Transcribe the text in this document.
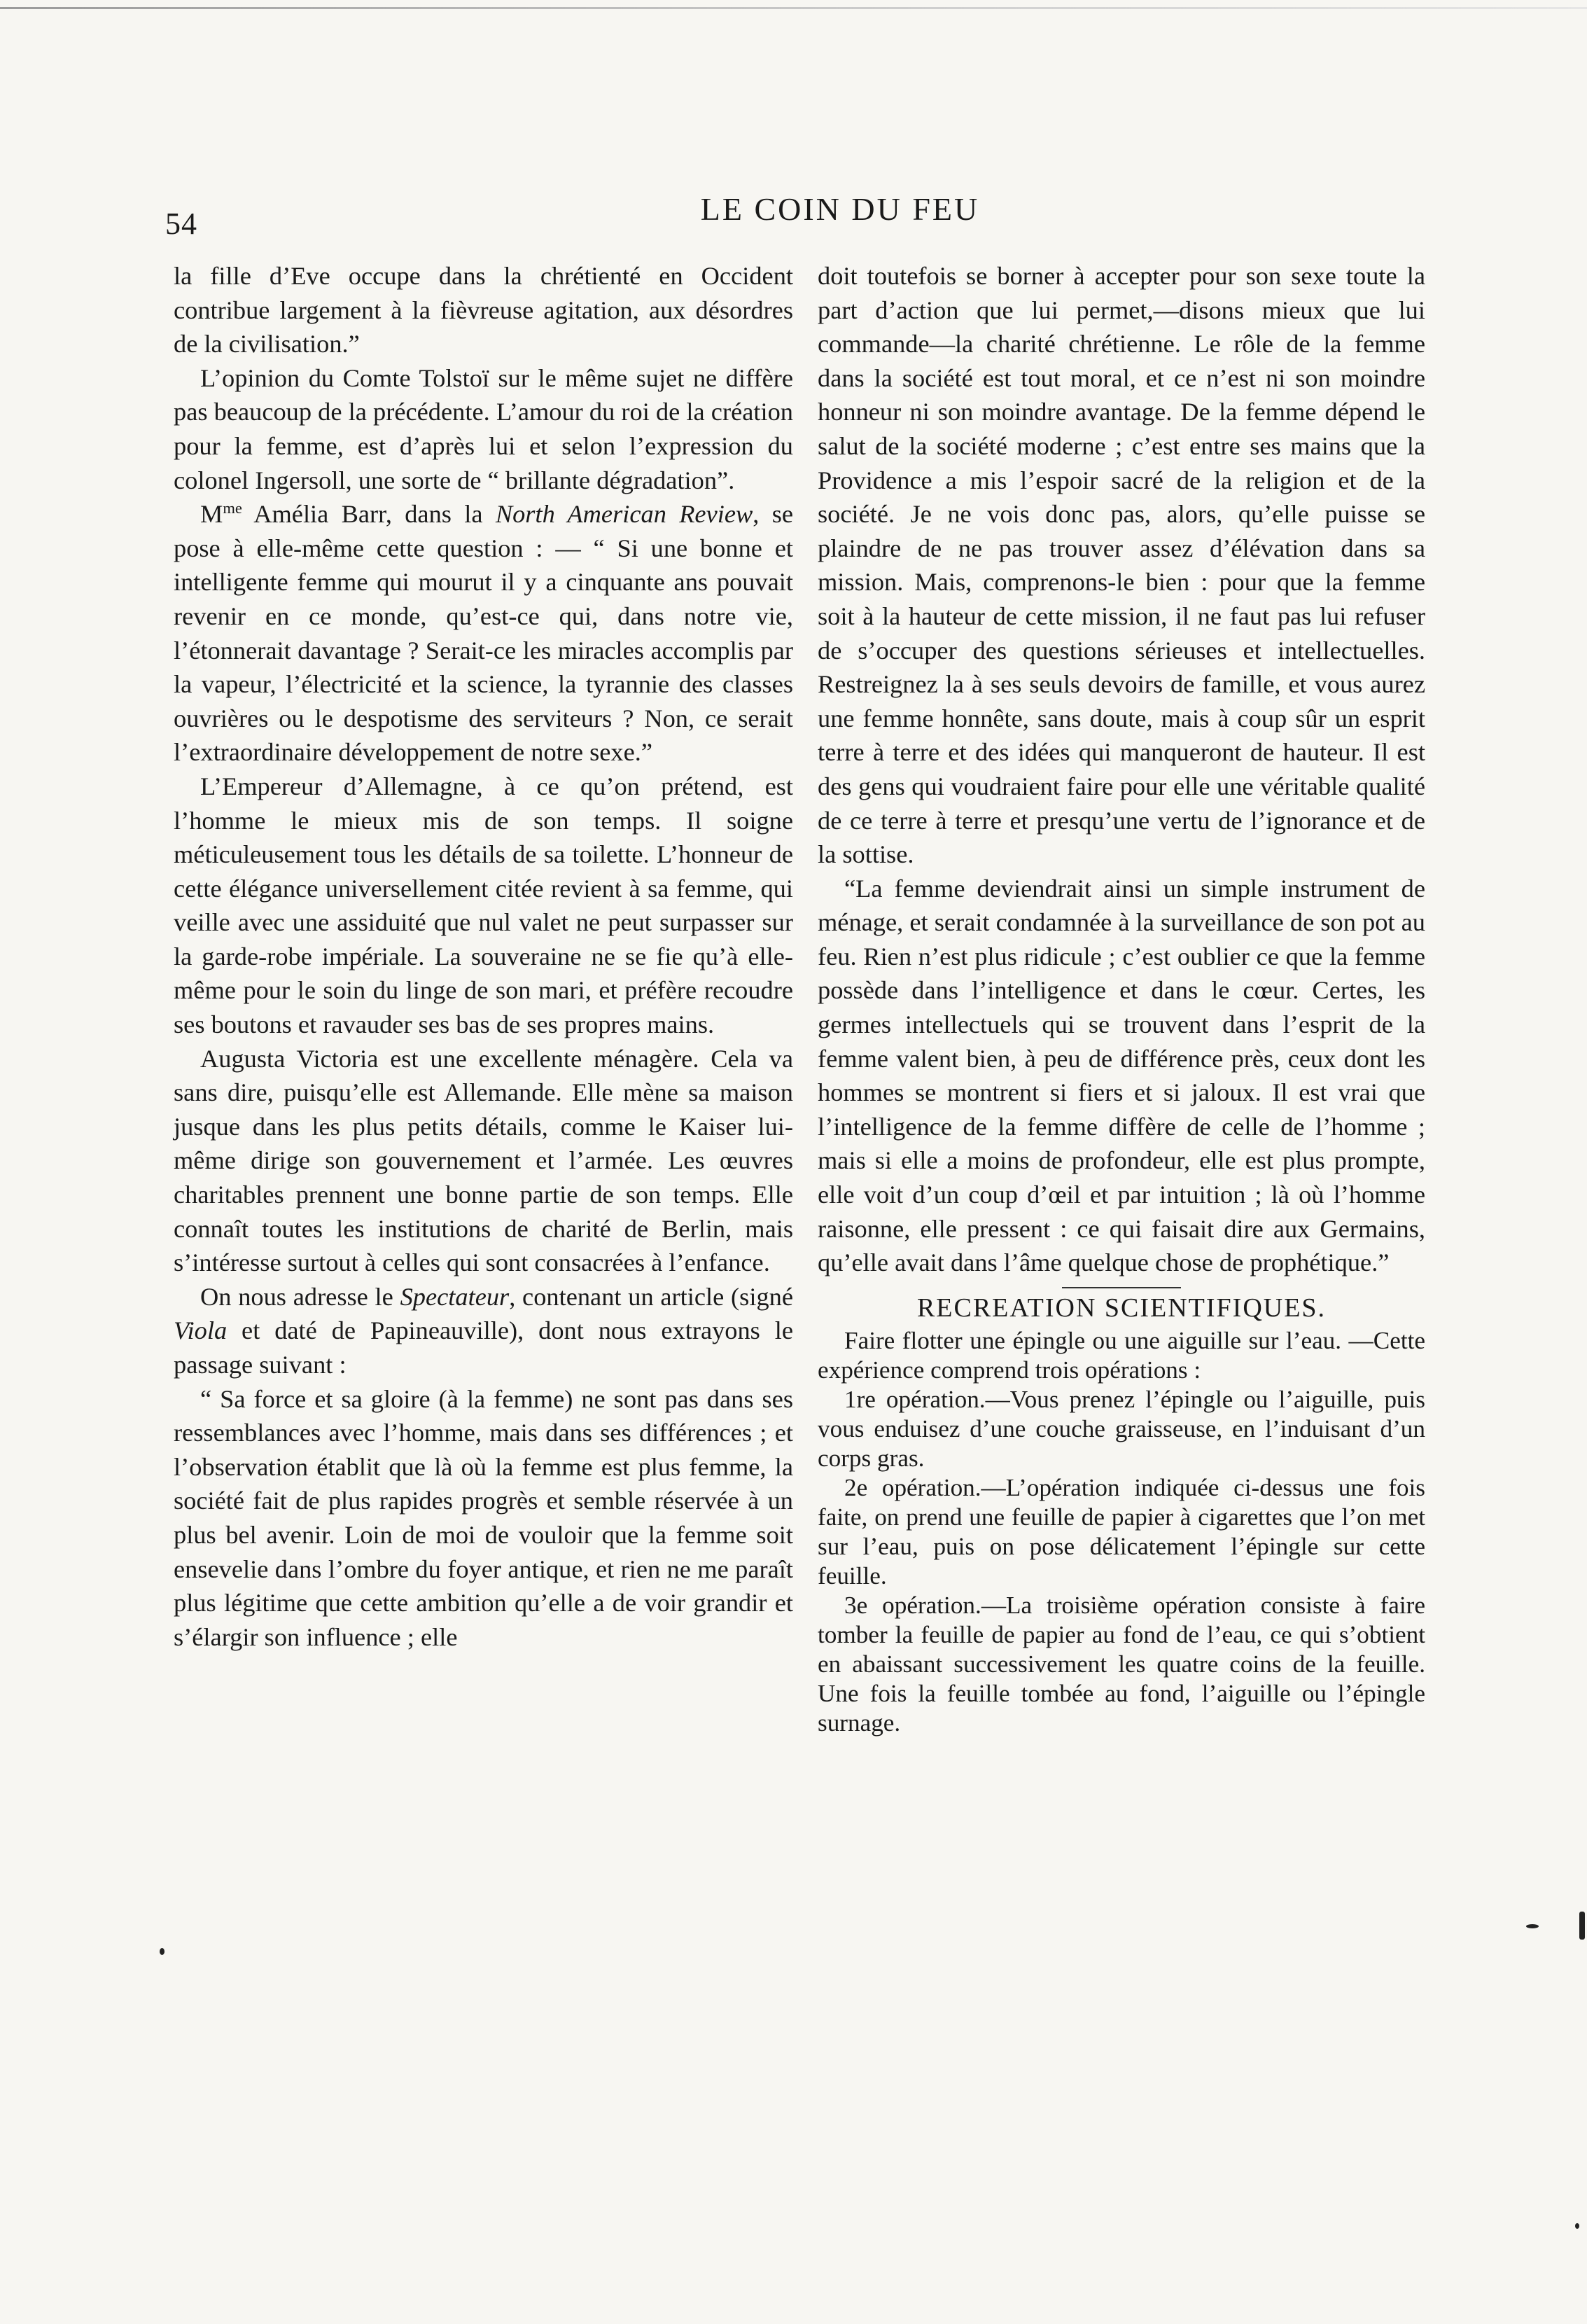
54	LE COIN DU FEU

la fille d’Eve occupe dans la chrétienté en Occident contribue largement à la fièvreuse agitation, aux désordres de la civilisation.”

L’opinion du Comte Tolstoï sur le même sujet ne diffère pas beaucoup de la précédente. L’amour du roi de la création pour la femme, est d’après lui et selon l’expression du colonel Ingersoll, une sorte de “ brillante dégradation”.

$M^{me}$ Amélia Barr, dans la North American Review, se pose à elle-même cette question : — “ Si une bonne et intelligente femme qui mourut il y a cinquante ans pouvait revenir en ce monde, qu’est-ce qui, dans notre vie, l’étonnerait davantage ? Serait-ce les miracles accomplis par la vapeur, l’électricité et la science, la tyrannie des classes ouvrières ou le despotisme des serviteurs ? Non, ce serait l’extraordinaire développement de notre sexe.”

L’Empereur d’Allemagne, à ce qu’on prétend, est l’homme le mieux mis de son temps. Il soigne méticuleusement tous les détails de sa toilette. L’honneur de cette élégance universellement citée revient à sa femme, qui veille avec une assiduité que nul valet ne peut surpasser sur la garde-robe impériale. La souveraine ne se fie qu’à elle-même pour le soin du linge de son mari, et préfère recoudre ses boutons et ravauder ses bas de ses propres mains.

Augusta Victoria est une excellente ménagère. Cela va sans dire, puisqu’elle est Allemande. Elle mène sa maison jusque dans les plus petits détails, comme le Kaiser lui-même dirige son gouvernement et l’armée. Les œuvres charitables prennent une bonne partie de son temps. Elle connaît toutes les institutions de charité de Berlin, mais s’intéresse surtout à celles qui sont consacrées à l’enfance.

On nous adresse le Spectateur, contenant un article (signé Viola et daté de Papineauville), dont nous extrayons le passage suivant :

“ Sa force et sa gloire (à la femme) ne sont pas dans ses ressemblances avec l’homme, mais dans ses différences ; et l’observation établit que là où la femme est plus femme, la société fait de plus rapides progrès et semble réservée à un plus bel avenir. Loin de moi de vouloir que la femme soit ensevelie dans l’ombre du foyer antique, et rien ne me paraît plus légitime que cette ambition qu’elle a de voir grandir et s’élargir son influence ; elle

doit toutefois se borner à accepter pour son sexe toute la part d’action que lui permet,—disons mieux que lui commande—la charité chrétienne. Le rôle de la femme dans la société est tout moral, et ce n’est ni son moindre honneur ni son moindre avantage. De la femme dépend le salut de la société moderne ; c’est entre ses mains que la Providence a mis l’espoir sacré de la religion et de la société. Je ne vois donc pas, alors, qu’elle puisse se plaindre de ne pas trouver assez d’élévation dans sa mission. Mais, comprenons-le bien : pour que la femme soit à la hauteur de cette mission, il ne faut pas lui refuser de s’occuper des questions sérieuses et intellectuelles. Restreignez la à ses seuls devoirs de famille, et vous aurez une femme honnête, sans doute, mais à coup sûr un esprit terre à terre et des idées qui manqueront de hauteur. Il est des gens qui voudraient faire pour elle une véritable qualité de ce terre à terre et presqu’une vertu de l’ignorance et de la sottise.

“La femme deviendrait ainsi un simple instrument de ménage, et serait condamnée à la surveillance de son pot au feu. Rien n’est plus ridicule ; c’est oublier ce que la femme possède dans l’intelligence et dans le cœur. Certes, les germes intellectuels qui se trouvent dans l’esprit de la femme valent bien, à peu de différence près, ceux dont les hommes se montrent si fiers et si jaloux. Il est vrai que l’intelligence de la femme diffère de celle de l’homme ; mais si elle a moins de profondeur, elle est plus prompte, elle voit d’un coup d’œil et par intuition ; là où l’homme raisonne, elle pressent : ce qui faisait dire aux Germains, qu’elle avait dans l’âme quelque chose de prophétique.”

RECREATION SCIENTIFIQUES.

Faire flotter une épingle ou une aiguille sur l’eau. —Cette expérience comprend trois opérations :

1re opération.—Vous prenez l’épingle ou l’aiguille, puis vous enduisez d’une couche graisseuse, en l’induisant d’un corps gras.

2e opération.—L’opération indiquée ci-dessus une fois faite, on prend une feuille de papier à cigarettes que l’on met sur l’eau, puis on pose délicatement l’épingle sur cette feuille.

3e opération.—La troisième opération consiste à faire tomber la feuille de papier au fond de l’eau, ce qui s’obtient en abaissant successivement les quatre coins de la feuille. Une fois la feuille tombée au fond, l’aiguille ou l’épingle surnage.
